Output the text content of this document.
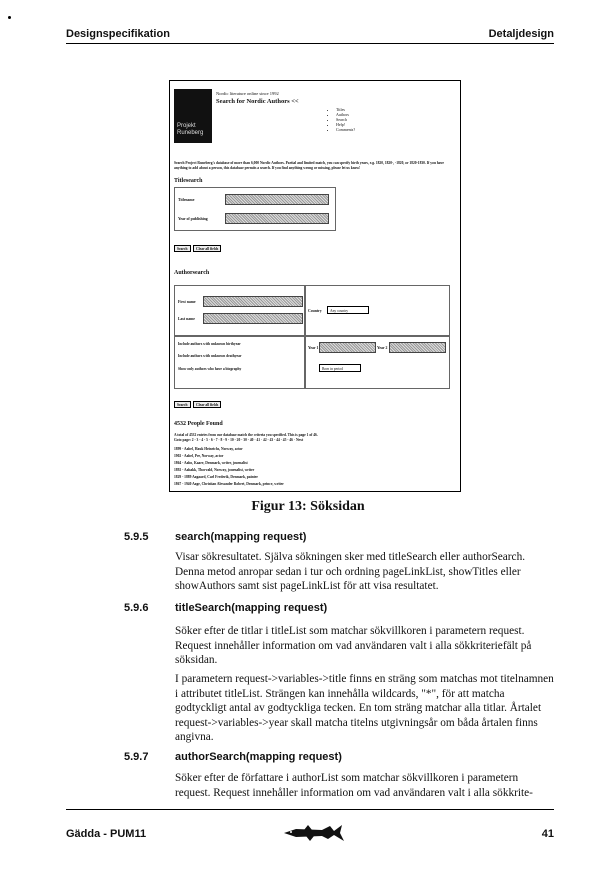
Designspecifikation	Detaljdesign
Projekt
Runeberg
Nordic literature online since 1992
Search for Nordic Authors <<
• Titles
• Authors
• Search
• Help!
• Comments?
Search Project Runeberg's database of more than 6,000 Nordic Authors. Partial and limited match, you can specify birth years, e.g. 1820, 1820-, -1820, or 1820-1830. If you have anything to add about a person, this database permits a search. If you find anything wrong or missing, please let us know!
Titlesearch
Titlename
Year of publishing
Search	Clear all fields
Authorsearch
First name
Last name
Country	Any country
Include authors with unknown birthyear
Include authors with unknown deathyear
Show only authors who have a biography
Year 1	Year 2
Born in period
Search	Clear all fields
4532 People Found
A total of 4532 entries from our database match the criteria you specified. This is page 1 of 46.
Goto page: 2 - 3 - 4 - 5 - 6 - 7 - 8 - 9 - 10 - 20 - 30 - 40 - 41 - 42 - 43 - 44 - 45 - 46 - Next
1899 - Aabel, Hauk Heinrichs, Norway, actor
1902 - Aabel, Per, Norway, actor
1864 - Aabo, Kaare, Denmark, writer, journalist
1892 - Aabakk, Thorvald, Norway, journalist, writer
1829 - 1889 Aagaard, Carl Frederik, Denmark, painter
1867 - 1940 Aage, Christian Alexander Robert, Denmark, prince, writer
Figur 13: Söksidan
5.9.5 search(mapping request)

Visar sökresultatet. Själva sökningen sker med titleSearch eller authorSearch. Denna metod anropar sedan i tur och ordning pageLinkList, showTitles eller showAuthors samt sist pageLinkList för att visa resultatet.

5.9.6 titleSearch(mapping request)

Söker efter de titlar i titleList som matchar sökvillkoren i parametern request. Request innehåller information om vad användaren valt i alla sökkriteriefält på söksidan.

I parametern request->variables->title finns en sträng som matchas mot titelnamnen i attributet titleList. Strängen kan innehålla wildcards, "*", för att matcha godtyckligt antal av godtyckliga tecken. En tom sträng matchar alla titlar. Årtalet request->variables->year skall matcha titelns utgivningsår om båda årtalen finns angivna.

5.9.7 authorSearch(mapping request)

Söker efter de författare i authorList som matchar sökvillkoren i parametern request. Request innehåller information om vad användaren valt i alla sökkrite-

Gädda - PUM11	41
